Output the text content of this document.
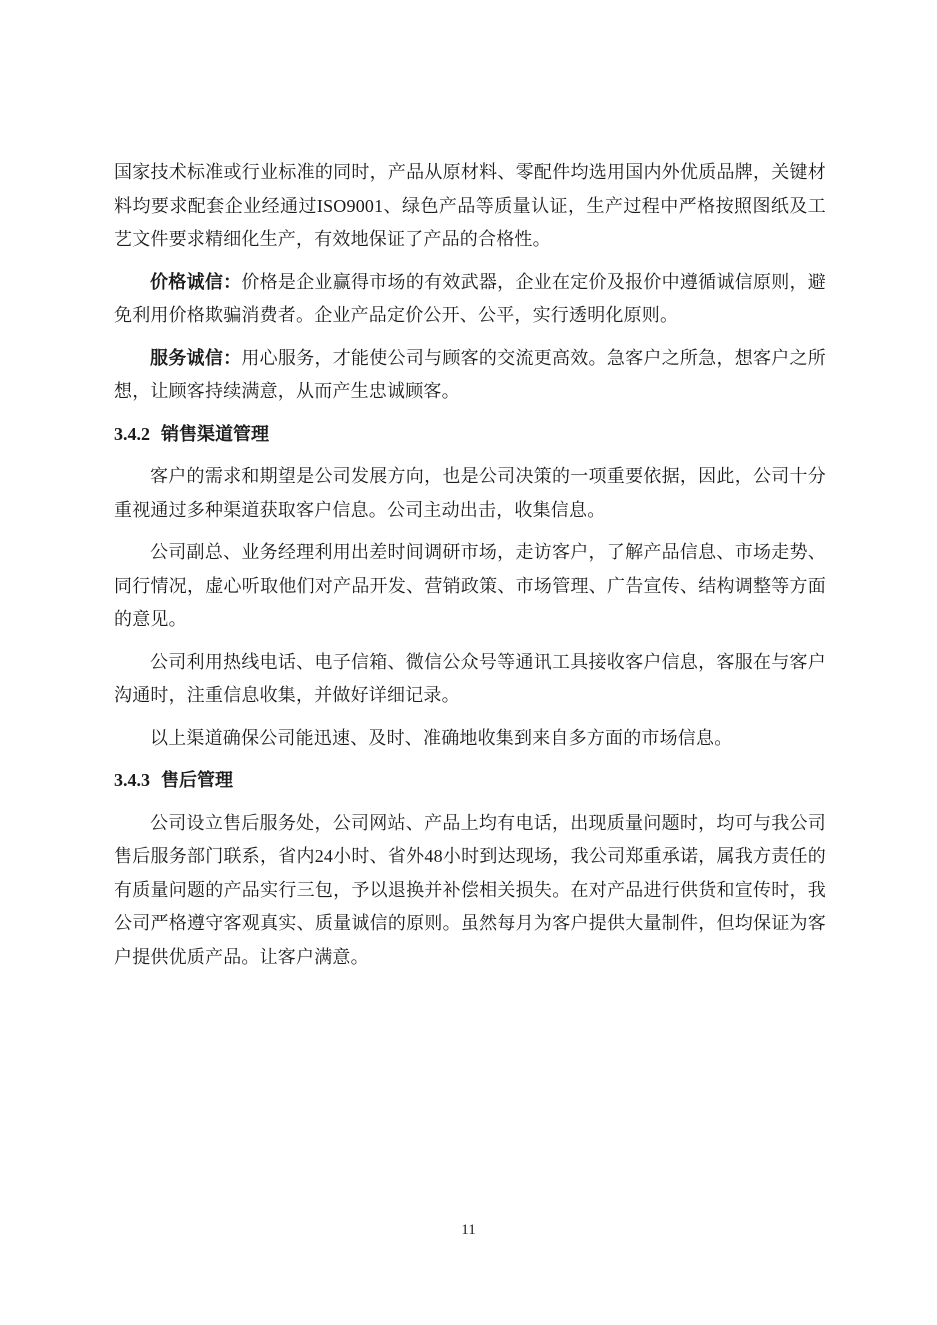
国家技术标准或行业标准的同时，产品从原材料、零配件均选用国内外优质品牌，关键材料均要求配套企业经通过ISO9001、绿色产品等质量认证，生产过程中严格按照图纸及工艺文件要求精细化生产，有效地保证了产品的合格性。

价格诚信：价格是企业赢得市场的有效武器，企业在定价及报价中遵循诚信原则，避免利用价格欺骗消费者。企业产品定价公开、公平，实行透明化原则。

服务诚信：用心服务，才能使公司与顾客的交流更高效。急客户之所急，想客户之所想，让顾客持续满意，从而产生忠诚顾客。

3.4.2 销售渠道管理

客户的需求和期望是公司发展方向，也是公司决策的一项重要依据，因此，公司十分重视通过多种渠道获取客户信息。公司主动出击，收集信息。

公司副总、业务经理利用出差时间调研市场，走访客户，了解产品信息、市场走势、同行情况，虚心听取他们对产品开发、营销政策、市场管理、广告宣传、结构调整等方面的意见。

公司利用热线电话、电子信箱、微信公众号等通讯工具接收客户信息，客服在与客户沟通时，注重信息收集，并做好详细记录。

以上渠道确保公司能迅速、及时、准确地收集到来自多方面的市场信息。

3.4.3 售后管理

公司设立售后服务处，公司网站、产品上均有电话，出现质量问题时，均可与我公司售后服务部门联系，省内24小时、省外48小时到达现场，我公司郑重承诺，属我方责任的有质量问题的产品实行三包，予以退换并补偿相关损失。在对产品进行供货和宣传时，我公司严格遵守客观真实、质量诚信的原则。虽然每月为客户提供大量制件，但均保证为客户提供优质产品。让客户满意。

11
